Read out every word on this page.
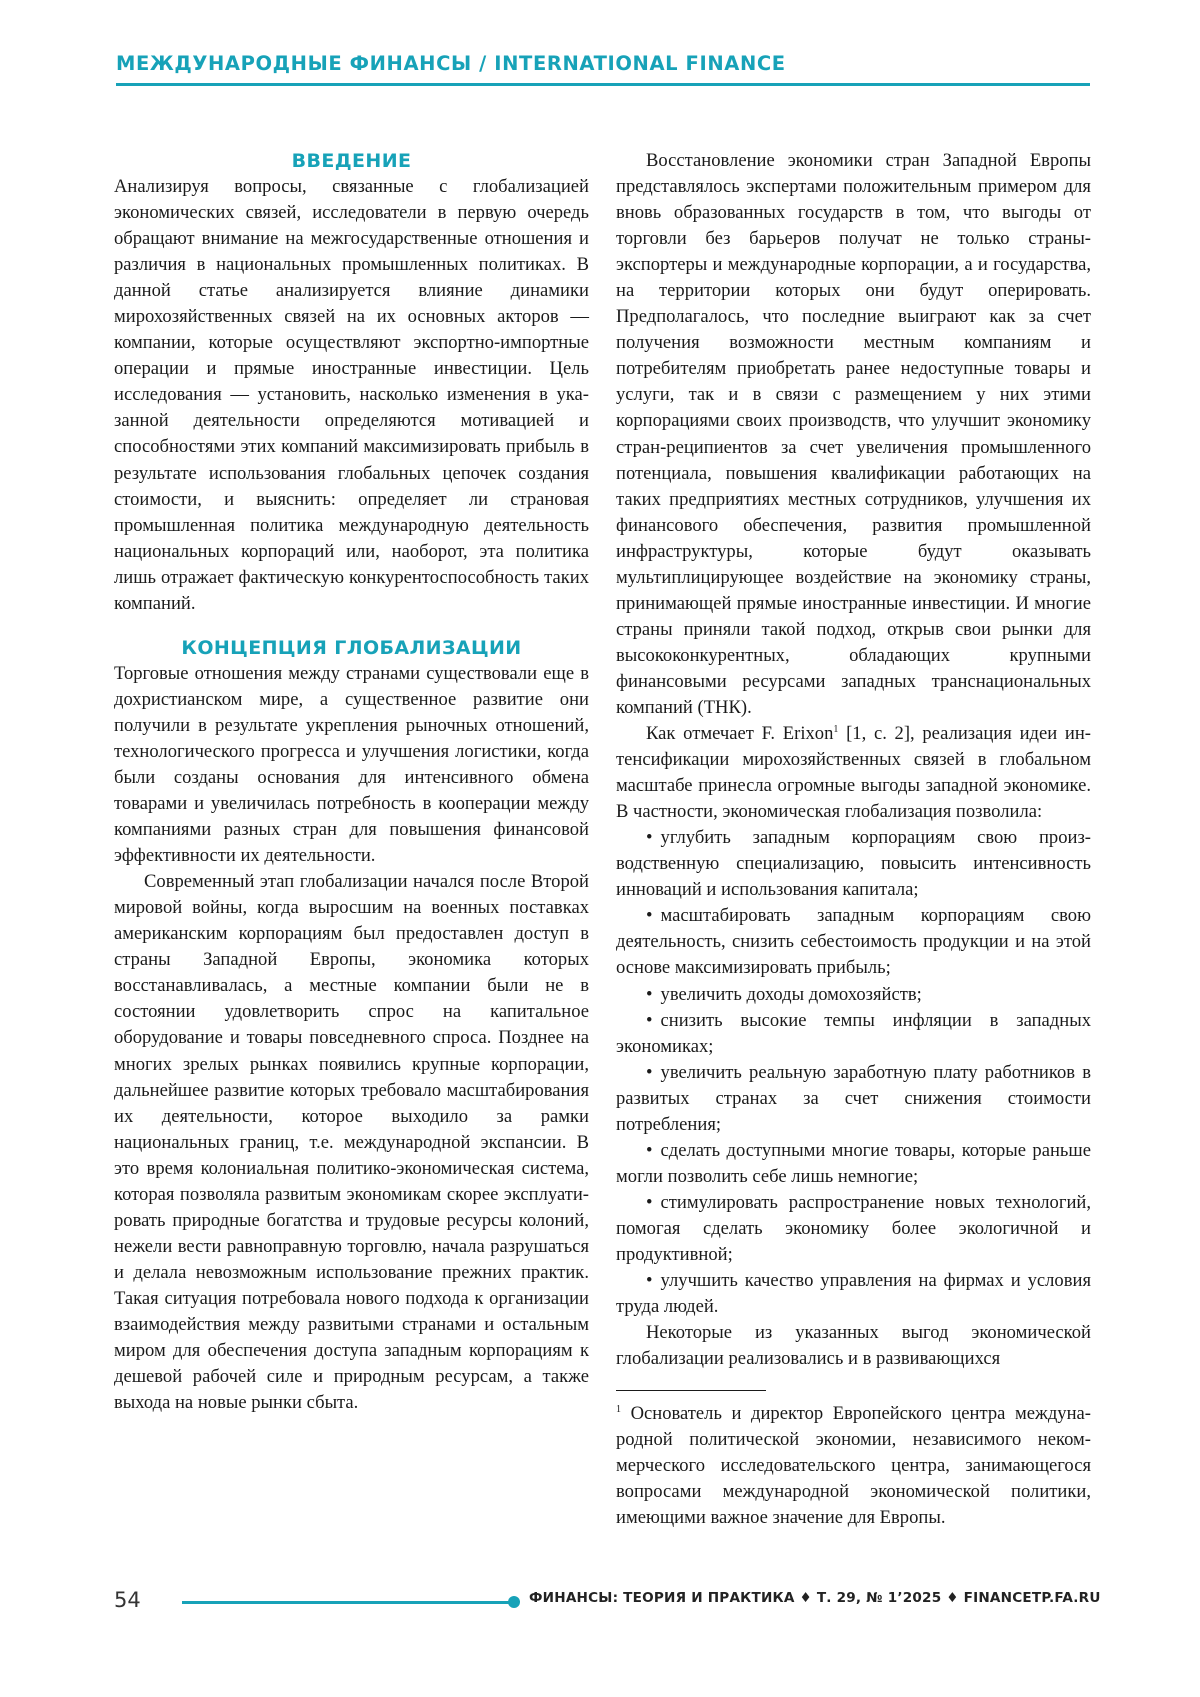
МЕЖДУНАРОДНЫЕ ФИНАНСЫ / INTERNATIONAL FINANCE
ВВЕДЕНИЕ

Анализируя вопросы, связанные с глобализацией экономических связей, исследователи в первую очередь обращают внимание на межгосударственные отношения и различия в национальных промышленных политиках. В данной статье анализируется влияние динамики мирохозяйственных связей на их основных акторов — компании, которые осуществляют экспортно-импортные операции и прямые иностранные инвестиции. Цель исследования — установить, насколько изменения в указанной деятельности определяются мотивацией и способностями этих компаний максимизировать прибыль в результате использования глобальных цепочек создания стоимости, и выяснить: определяет ли страновая промышленная политика международную деятельность национальных корпораций или, наоборот, эта политика лишь отражает фактическую конкурентоспособность таких компаний.

КОНЦЕПЦИЯ ГЛОБАЛИЗАЦИИ

Торговые отношения между странами существовали еще в дохристианском мире, а существенное развитие они получили в результате укрепления рыночных отношений, технологического прогресса и улучшения логистики, когда были созданы основания для интенсивного обмена товарами и увеличилась потребность в кооперации между компаниями разных стран для повышения финансовой эффективности их деятельности.

Современный этап глобализации начался после Второй мировой войны, когда выросшим на военных поставках американским корпорациям был предоставлен доступ в страны Западной Европы, экономика которых восстанавливалась, а местные компании были не в состоянии удовлетворить спрос на капитальное оборудование и товары повседневного спроса. Позднее на многих зрелых рынках появились крупные корпорации, дальнейшее развитие которых требовало масштабирования их деятельности, которое выходило за рамки национальных границ, т.е. международной экспансии. В это время колониальная политико-экономическая система, которая позволяла развитым экономикам скорее эксплуатировать природные богатства и трудовые ресурсы колоний, нежели вести равноправную торговлю, начала разрушаться и делала невозможным использование прежних практик. Такая ситуация потребовала нового подхода к организации взаимодействия между развитыми странами и остальным миром для обеспечения доступа западным корпорациям к дешевой рабочей силе и природным ресурсам, а также выхода на новые рынки сбыта.

Восстановление экономики стран Западной Европы представлялось экспертами положительным примером для вновь образованных государств в том, что выгоды от торговли без барьеров получат не только страны-экспортеры и международные корпорации, а и государства, на территории которых они будут оперировать. Предполагалось, что последние выиграют как за счет получения возможности местным компаниям и потребителям приобретать ранее недоступные товары и услуги, так и в связи с размещением у них этими корпорациями своих производств, что улучшит экономику стран-реципиентов за счет увеличения промышленного потенциала, повышения квалификации работающих на таких предприятиях местных сотрудников, улучшения их финансового обеспечения, развития промышленной инфраструктуры, которые будут оказывать мультиплицирующее воздействие на экономику страны, принимающей прямые иностранные инвестиции. И многие страны приняли такой подход, открыв свои рынки для высококонкурентных, обладающих крупными финансовыми ресурсами западных транснациональных компаний (ТНК).

Как отмечает F. Erixon$^1$ [1, c. 2], реализация идеи интенсификации мирохозяйственных связей в глобальном масштабе принесла огромные выгоды западной экономике. В частности, экономическая глобализация позволила:

• углубить западным корпорациям свою производственную специализацию, повысить интенсивность инноваций и использования капитала;
• масштабировать западным корпорациям свою деятельность, снизить себестоимость продукции и на этой основе максимизировать прибыль;
• увеличить доходы домохозяйств;
• снизить высокие темпы инфляции в западных экономиках;
• увеличить реальную заработную плату работников в развитых странах за счет снижения стоимости потребления;
• сделать доступными многие товары, которые раньше могли позволить себе лишь немногие;
• стимулировать распространение новых технологий, помогая сделать экономику более экологичной и продуктивной;
• улучшить качество управления на фирмах и условия труда людей.

Некоторые из указанных выгод экономической глобализации реализовались и в развивающихся

$^1$ Основатель и директор Европейского центра международной политической экономии, независимого некоммерческого исследовательского центра, занимающегося вопросами международной экономической политики, имеющими важное значение для Европы.

54	ФИНАНСЫ: ТЕОРИЯ И ПРАКТИКА ♦ Т. 29, № 1’2025 ♦ FINANCETP.FA.RU
